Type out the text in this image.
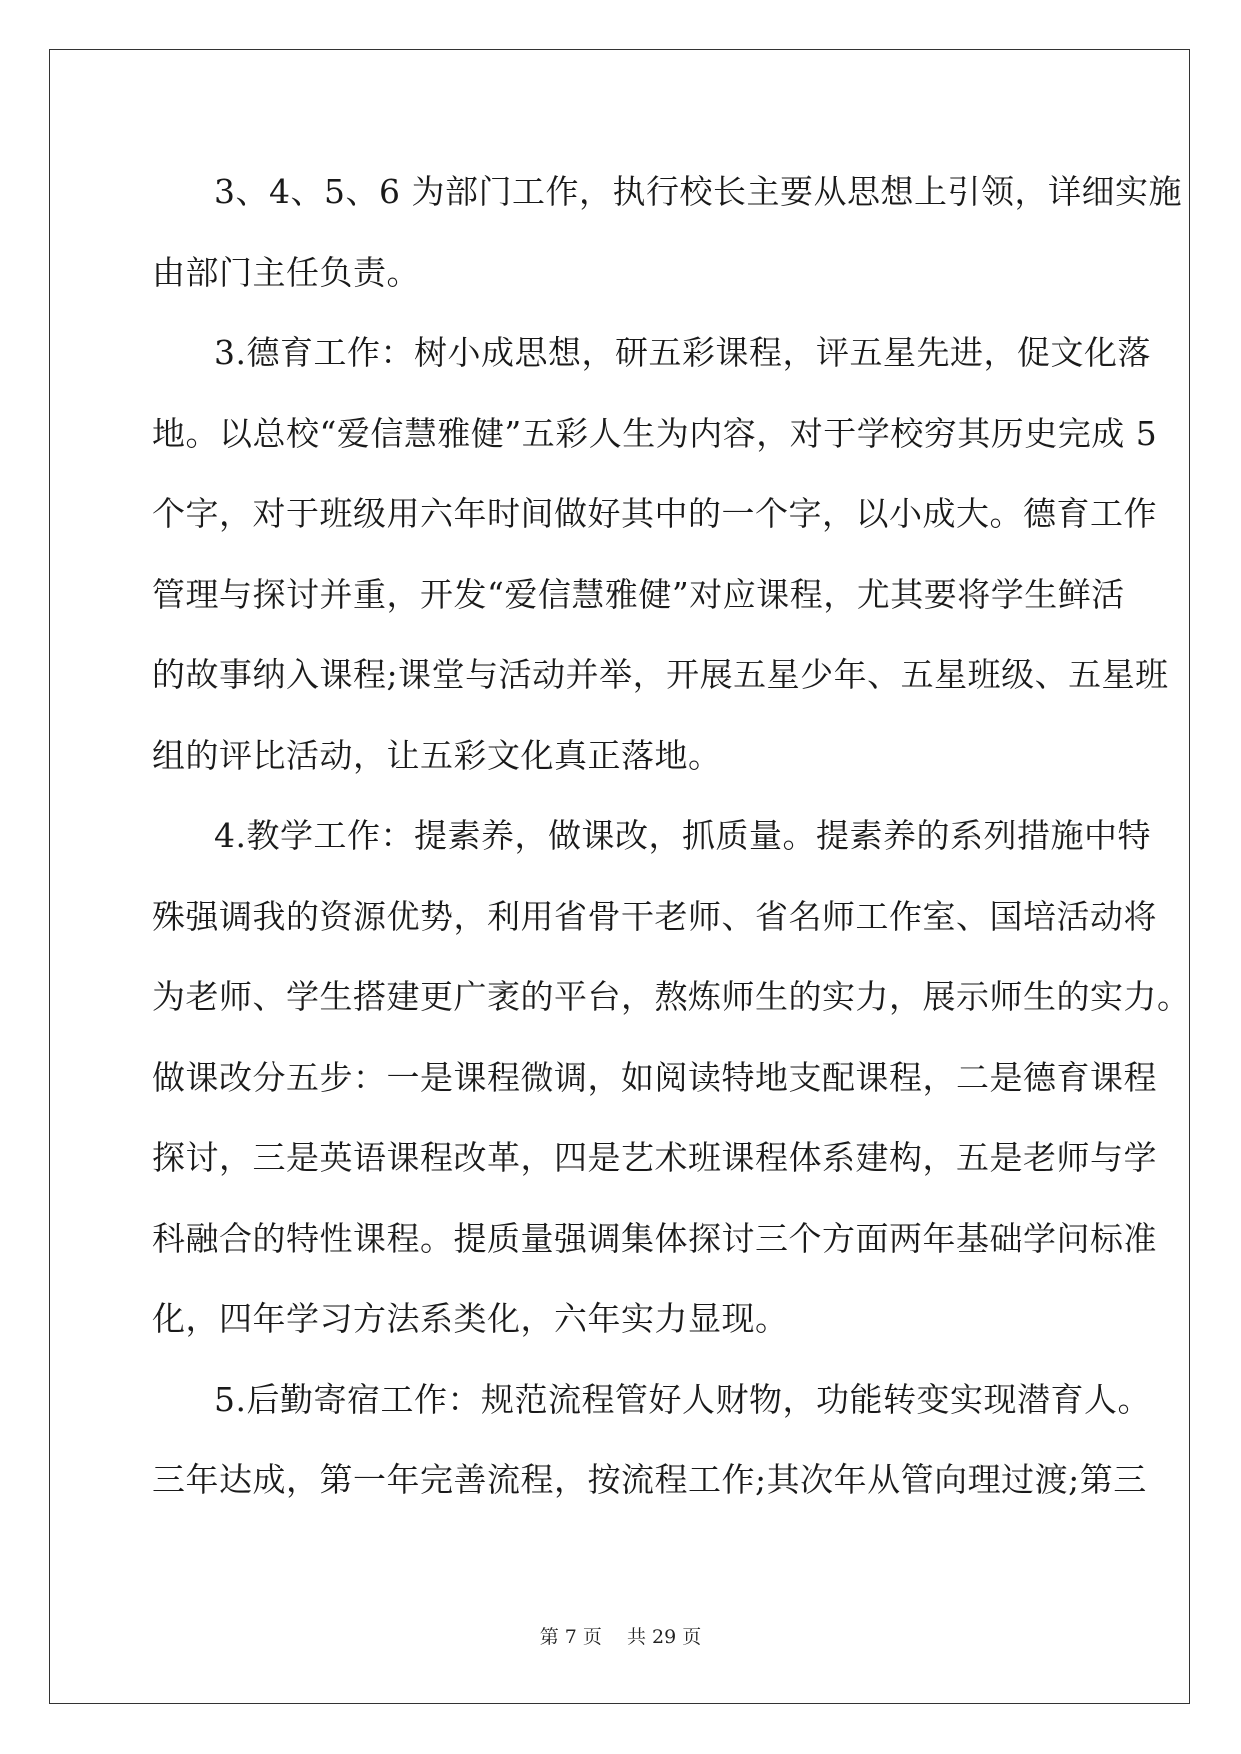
3、4、5、6 为部门工作，执行校长主要从思想上引领，详细实施
由部门主任负责。
3.德育工作：树小成思想，研五彩课程，评五星先进，促文化落
地。以总校“爱信慧雅健”五彩人生为内容，对于学校穷其历史完成 5
个字，对于班级用六年时间做好其中的一个字，以小成大。德育工作
管理与探讨并重，开发“爱信慧雅健”对应课程，尤其要将学生鲜活
的故事纳入课程;课堂与活动并举，开展五星少年、五星班级、五星班
组的评比活动，让五彩文化真正落地。
4.教学工作：提素养，做课改，抓质量。提素养的系列措施中特
殊强调我的资源优势，利用省骨干老师、省名师工作室、国培活动将
为老师、学生搭建更广袤的平台，熬炼师生的实力，展示师生的实力。
做课改分五步：一是课程微调，如阅读特地支配课程，二是德育课程
探讨，三是英语课程改革，四是艺术班课程体系建构，五是老师与学
科融合的特性课程。提质量强调集体探讨三个方面两年基础学问标准
化，四年学习方法系类化，六年实力显现。
5.后勤寄宿工作：规范流程管好人财物，功能转变实现潜育人。
三年达成，第一年完善流程，按流程工作;其次年从管向理过渡;第三
第 7 页　 共 29 页
